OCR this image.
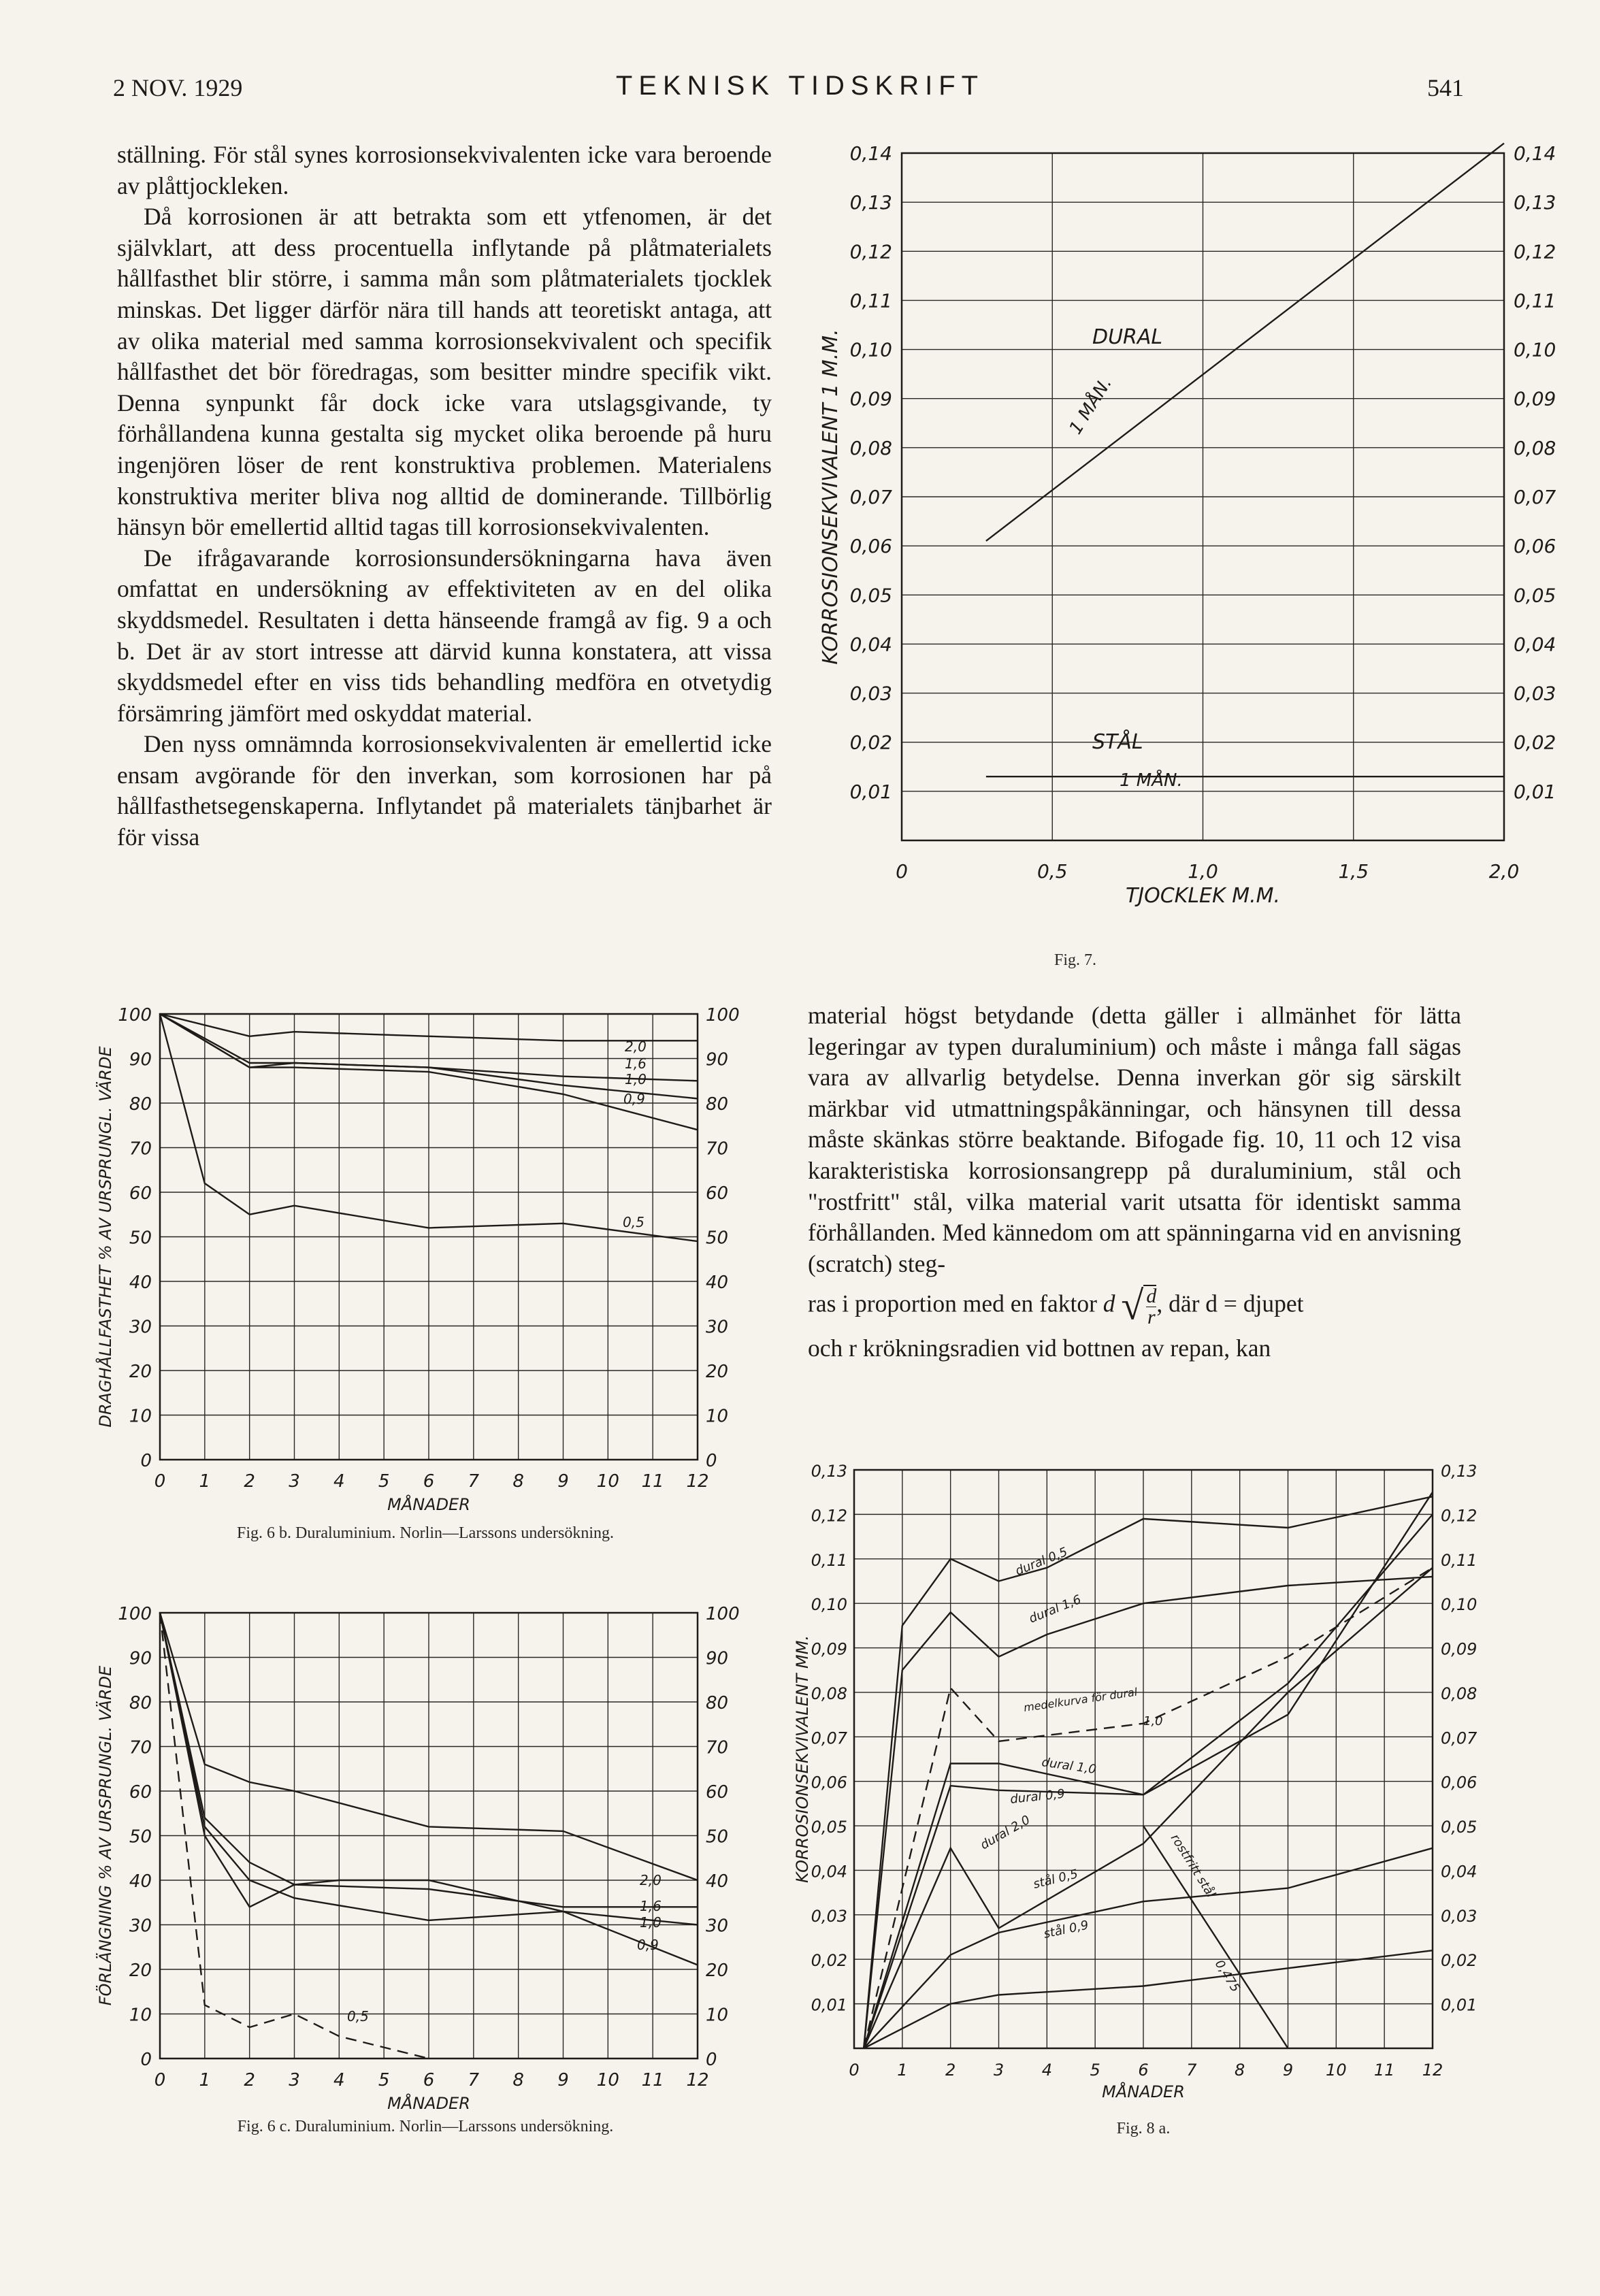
2 NOV. 1929	TEKNISK TIDSKRIFT	541

ställning. För stål synes korrosionsekvivalenten icke vara beroende av plåttjockleken.

Då korrosionen är att betrakta som ett ytfenomen, är det självklart, att dess procentuella inflytande på plåtmaterialets hållfasthet blir större, i samma mån som plåtmaterialets tjocklek minskas. Det ligger därför nära till hands att teoretiskt antaga, att av olika material med samma korrosionsekvivalent och specifik hållfasthet det bör föredragas, som besitter mindre specifik vikt. Denna synpunkt får dock icke vara utslagsgivande, ty förhållandena kunna gestalta sig mycket olika beroende på huru ingenjören löser de rent konstruktiva problemen. Materialens konstruktiva meriter bliva nog alltid de dominerande. Tillbörlig hänsyn bör emellertid alltid tagas till korrosionsekvivalenten.

De ifrågavarande korrosionsundersökningarna hava även omfattat en undersökning av effektiviteten av en del olika skyddsmedel. Resultaten i detta hänseende framgå av fig. 9 a och b. Det är av stort intresse att därvid kunna konstatera, att vissa skyddsmedel efter en viss tids behandling medföra en otvetydig försämring jämfört med oskyddat material.

Den nyss omnämnda korrosionsekvivalenten är emellertid icke ensam avgörande för den inverkan, som korrosionen har på hållfasthetsegenskaperna. Inflytandet på materialets tänjbarhet är för vissa

material högst betydande (detta gäller i allmänhet för lätta legeringar av typen duraluminium) och måste i många fall sägas vara av allvarlig betydelse. Denna inverkan gör sig särskilt märkbar vid utmattningspåkänningar, och hänsynen till dessa måste skänkas större beaktande. Bifogade fig. 10, 11 och 12 visa karakteristiska korrosionsangrepp på duraluminium, stål och "rostfritt" stål, vilka material varit utsatta för identiskt samma förhållanden. Med kännedom om att spänningarna vid en anvisning (scratch) steg-

ras i proportion med en faktor d √ $\frac{d}{r}$ , där d = djupet

och r krökningsradien vid bottnen av repan, kan

0,01	0,01
0,02	0,02
0,03	0,03
0,04	0,04
0,05	0,05
0,06	0,06
0,07	0,07
0,08	0,08
0,09	0,09
0,10	0,10
0,11	0,11
0,12	0,12
0,13	0,13
0,14	0,14
0	0,5	1,0	1,5	2,0
TJOCKLEK M.M.
KORROSIONSEKVIVALENT 1 M.M.	DURAL
1 MÅN.
STÅL
1 MÅN.
Fig. 7.
0	0
10	10
20	20
30	30
40	40
50	50
60	60
70	70
80	80
90	90
100	100
0 1 2 3 4 5 6 7 8 9 10 11 12
MÅNADER
DRAGHÅLLFASTHET % AV URSPRUNGL. VÄRDE	2,0
1,6
1,0
0,9
0,5
Fig. 6 b. Duraluminium. Norlin—Larssons undersökning.
0	0
10	10
20	20
30	30
40	40
50	50
60	60
70	70
80	80
90	90
100	100
0 1 2 3 4 5 6 7 8 9 10 11 12
MÅNADER
FÖRLÄNGNING % AV URSPRUNGL. VÄRDE	2,0
1,6
1,0
0,9
0,5
Fig. 6 c. Duraluminium. Norlin—Larssons undersökning.
0,01	0,01
0,02	0,02
0,03	0,03
0,04	0,04
0,05	0,05
0,06	0,06
0,07	0,07
0,08	0,08
0,09	0,09
0,10	0,10
0,11	0,11
0,12	0,12
0,13	0,13
0 1 2 3 4 5 6 7 8 9 10 11 12
MÅNADER
KORROSIONSEKVIVALENT MM.
dural 0,5
dural 1,6
medelkurva för dural
1,0
dural 1,0
dural 0,9
dural 2,0
stål 0,5
stål 0,9
rostfritt stål
0,475
Fig. 8 a.
